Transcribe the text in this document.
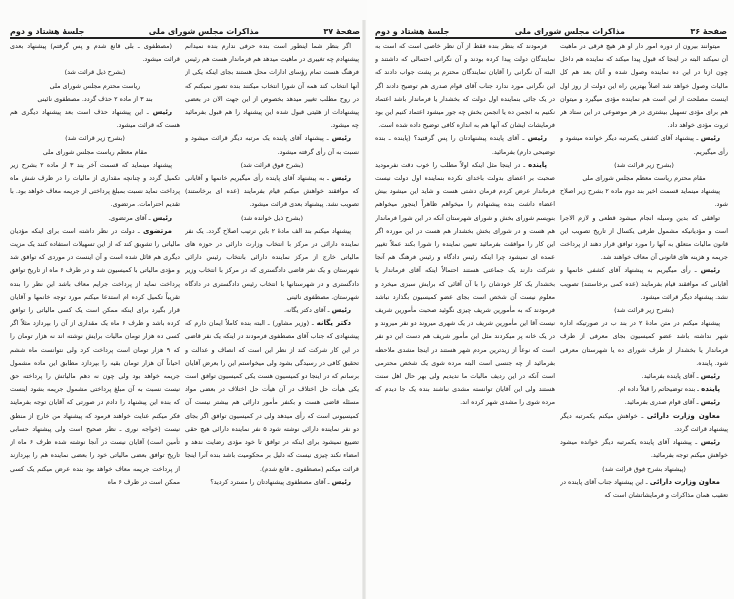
صفحهٔ ۳۷
مذاکرات مجلس شورای ملی
جلسهٔ هشتاد و دوم

اگر بنظر شما اینطور است بنده حرفی ندارم بنده نمیدانم پیشنهادم چه تغییری در ماهیت میدهد هم فرماندار هست هم رئیس فرهنگ هست تمام رؤسای ادارات محل هستند بجای اینکه یکی از آنها انتخاب کند همه آن شورا انتخاب میکنند بنده تصور نمیکنم که در روح مطلب تغییر میدهد بخصوص از این جهت الان در بعضی پیشنهادات از هئیتی قبول شده این پیشنهاد را هم قبول بفرمائید چه میشود.

رئیس ـ پیشنهاد آقای پاینده یک مرتبه دیگر قرائت میشود و نسبت به آن رأی گرفته میشود.

(بشرح فوق قرائت شد)

رئیس ـ به پیشنهاد آقای پاینده رأی میگیریم خانمها و آقایانی که موافقند خواهش میکنم قیام بفرمایند (عده ای برخاستند) تصویب نشد. پیشنهاد بعدی قرائت میشود.

(بشرح ذیل خوانده شد)

پیشنهاد میکنم بند الف مادهٔ ۲ باین ترتیب اصلاح گردد. یک نفر نماینده دارائی در مرکز با انتخاب وزارت دارائی در حوزه های مالیاتی خارج از مرکز نماینده دارائی بانتخاب رئیس دارائی شهرستان و یک نفر قاضی دادگستری که در مرکز با انتخاب وزیر دادگستری و در شهرستانها با انتخاب رئیس دادگستری در دادگاه شهرستان. مصطفوی نائینی

رئیس ـ آقای دکتر یگانه.

دکتر یگانه ـ (وزیر مشاور) ـ البته بنده کاملاً ایمان دارم که پیشنهادی که جناب آقای مصطفوی فرمودند در اینکه یک نفر قاضی در این کار شرکت کند از نظر این است که انصاف و عدالت و تحقیق کافی در رسیدگی بشود ولی میخواستم این را بعرض آقایان برسانم که در اینجا دو کمیسیون هست یکی کمیسیون توافق است یکی هیأت حل اختلاف در آن هیأت حل اختلاف در بعضی مواد مسئله قاضی هست و بکنفر مأمور دارائی هم بیشتر نیست آن کمیسیونی است که رأی میدهد ولی در کمیسیون توافق اگر بجای دو نفر نماینده دارائی نوشته شود ۵ نفر نماینده دارائی هیچ حقی تضییع نمیشود برای اینکه در توافق تا خود مؤدی رضایت ندهد و امضاء نکند چیزی نیست که دلیل بر محکومیت باشد بنده آنرا اینجا قرائت میکنم (مصطفوی ـ قانع شدم).

رئیس ـ آقای مصطفوی پیشنهادتان را مسترد کردید؟

(مصطفوی ـ بلی قانع شدم و پس گرفتم) پیشنهاد بعدی قرائت میشود.

(بشرح ذیل قرائت شد)

ریاست محترم مجلس شورای ملی

بند ۳ از ماده ۲ حذف گردد. مصطفوی نائینی

رئیس ـ این پیشنهاد حذف است بعد پیشنهاد دیگری هم هست که قرائت میشود.

(بشرح زیر قرائت شد)

مقام معظم ریاست مجلس شورای ملی

پیشنهاد مینماید که قسمت آخر بند ۳ از ماده ۲ بشرح زیر تکمیل گردد و چنانچه مقداری از مالیات را در ظرف شش ماه پرداخت نماید نسبت بمبلغ پرداختی از جریمه معاف خواهد بود. با تقدیم احترامات. مرتضوی.

رئیس ـ آقای مرتضوی.

مرتضوی ـ دولت در نظر داشته است برای اینکه مؤدیان مالیاتی را تشویق کند که از این تسهیلات استفاده کنند یک مزیت دیگری هم قائل شده است و آن اینست در موردی که توافق شد و مؤدی مالیاتی با کمیسیون شد و در ظرف ۶ ماه از تاریخ توافق پرداخت نماید از پرداخت جرایم معاف باشد این نظر را بنده تقریباً تکمیل کرده ام استدعا میکنم مورد توجه خانمها و آقایان قرار بگیرد برای اینکه ممکن است یک کسی مالیاتی را توافق کرده باشد و ظرف ۶ ماه یک مقداری از آن را بپردازد مثلاً اگر کسی ده هزار تومان مالیات برایش نوشته اند نه هزار تومان را که ۹ هزار تومان است پرداخت کرد ولی نتوانست ماه ششم احیاناً آن هزار تومان بقیه را بپردازد مطابق این ماده مشمول جریمه خواهد بود ولی چون نه دهم مالیاتش را پرداخته حق نیست نسبت به آن مبلغ پرداختی مشمول جریمه بشود اینست که بنده این پیشنهاد را دادم در صورتی که آقایان توجه بفرمایند فکر میکنم عنایت خواهند فرمود که پیشنهاد من خارج از منطق نیست (خواجه نوری ـ نظر صحیح است ولی پیشنهاد حسابی تأمین است) آقایان نیست در آنجا نوشته شده ظرف ۶ ماه از تاریخ توافق بعضی مالیاتی خود را بعضی نماینده هم را بپردازند از پرداخت جریمه معاف خواهد بود بنده عرض میکنم یک کسی ممکن است در ظرف ۶ ماه

جلسهٔ هشتاد و دوم	مذاکرات مجلس شورای ملی	صفحهٔ ۳۶

میتوانند بیرون از دوره امور دار او هر هیچ فرقی در ماهیت آن نمیکند البته در اینجا که قبول پیدا میکند که نماینده هم داخل چون ازنا در این ده نماینده وصول شده و آنان بعد هم کل مالیات وصول خواهد شد اصلاً بهترین راه این دولت از روز اول اینست مصلحت از این است هم نماینده مؤدی میگیرد و میتوان هم برای مؤدی تسهیل بیشتری در هر موضوعی در این ستاد هر ثروت مؤدی خواهد داد.

رئیس ـ پیشنهاد آقای کشفی یکمرتبه دیگر خوانده میشود و رأی میگیریم.

(بشرح زیر قرائت شد)

مقام محترم ریاست معظم مجلس شورای ملی

پیشنهاد مینماید قسمت اخیر بند دوم ماده ۲ بشرح زیر اصلاح شود.

توافقی که بدین وسیله انجام میشود قطعی و لازم الاجرا است و مؤدیانیکه مشمول طرفی یکسال از تاریخ تصویب این قانون مالیات متعلق به آنها را مورد توافق قرار دهند از پرداخت جریمه و هزینه های قانونی آن معاف خواهند شد.

رئیس ـ رأی میگیریم به پیشنهاد آقای کشفی خانمها و آقایانی که موافقند قیام بفرمایند (عده کمی برخاستند) تصویب نشد. پیشنهاد دیگر قرائت میشود.

(بشرح زیر قرائت شد)

پیشنهاد میکنم در متن مادهٔ ۲ در بند ب در صورتیکه اداره شهر نداشته باشد عضو کمیسیون بجای معرفی از طرف فرماندار یا بخشدار از طرف شورای ده یا شهرستان معرفی شود. پاینده.

رئیس ـ آقای پاینده بفرمائید.

پاینده ـ بنده توضیحاتم را قبلاً داده ام.

رئیس ـ آقای قوام صدری بفرمائید.

معاون وزارت دارائی ـ خواهش میکنم یکمرتبه دیگر پیشنهاد قرائت گردد.

رئیس ـ پیشنهاد آقای پاینده یکمرتبه دیگر خوانده میشود خواهش میکنم توجه بفرمائید.

(پیشنهاد بشرح فوق قرائت شد)

معاون وزارت دارائی ـ این پیشنهاد جناب آقای پاینده در تعقیب همان مذاکرات و فرمایشاتشان است که

فرمودند که بنظر بنده فقط از آن نظر خاصی است که است به نمایندگان دولت پیدا کرده بودند و آن نگرانی احتمالی که داشتند و البته آن نگرانی را آقایان نمایندگان محترم بر پشت جواب دادند که این نگرانی مورد ندارد جناب آقای قوام صدری هم توضیح دادند اگر در یک جائی بنماینده اول دولت که بخشدار یا فرماندار باشد اعتماد نکنیم به انجمن ده یا انجمن بخش چه جور میشود اعتماد کنیم این بود فرمایشات ایشان که آنها هم به اندازه کافی توضیح داده شده است.

رئیس ـ آقای پاینده پیشنهادتان را پس گرفتید؟ (پاینده ـ بنده توضیحی دارم) بفرمائید.

پاینده ـ در اینجا مثل اینکه اولاً مطلب را خوب دقت نفرمودید صحبت بر اعضای بدولت باخدای نکرده بنماینده اول دولت نیست فرماندار عرض کردم فرمان دشتی هست و شاید این میشود بیش اعضاء داشت بنده پیشنهادم را میخواهم ظاهراً اینجور میخواهم بنویسم شورای بخش و شورای شهرستان آنکه در این شورا فرماندار هم هست و در شورای بخش بخشدار هم هست در این مورده اگر این کار را موافقت بفرمائید تعیین نماینده را شورا بکند عملاً تغییر عمده ای نمیشود چرا اینکه رئیس دادگاه و رئیس فرهنگ هم آنجا شرکت دارند یک جماعتی هستند احتمالاً اینکه آقای فرماندار یا بخشدار یک کار خودشان را با آن آقائی که برایش سبزی میخرد و معلوم نیست آن شخص است بجای عضو کمیسیون بگذارد نباشد فرمودند که به مأمورین شریف چیزی نگوئید صحبت مأمورین شریف نیست آقا این مأمورین شریف در یک شهری میروند دو نفر میروند و در یک خانه پر میکردند مثل این مأمور شریف هم دست این دو نفر است که نوعاً از زیدترین مردم شهر هستند در اینجا مشدی ملاحظه بفرمائید از چه جنسی است البته مرده شوی یک شخص محترمی است آنکه در این ردیف مالیات ما ندیدیم ولی بهر حال اهل سنت هستند ولی این آقایان توانسته مشدی نباشند بنده یک جا دیدم که مرده شوی را مشدی شهر کرده اند.
